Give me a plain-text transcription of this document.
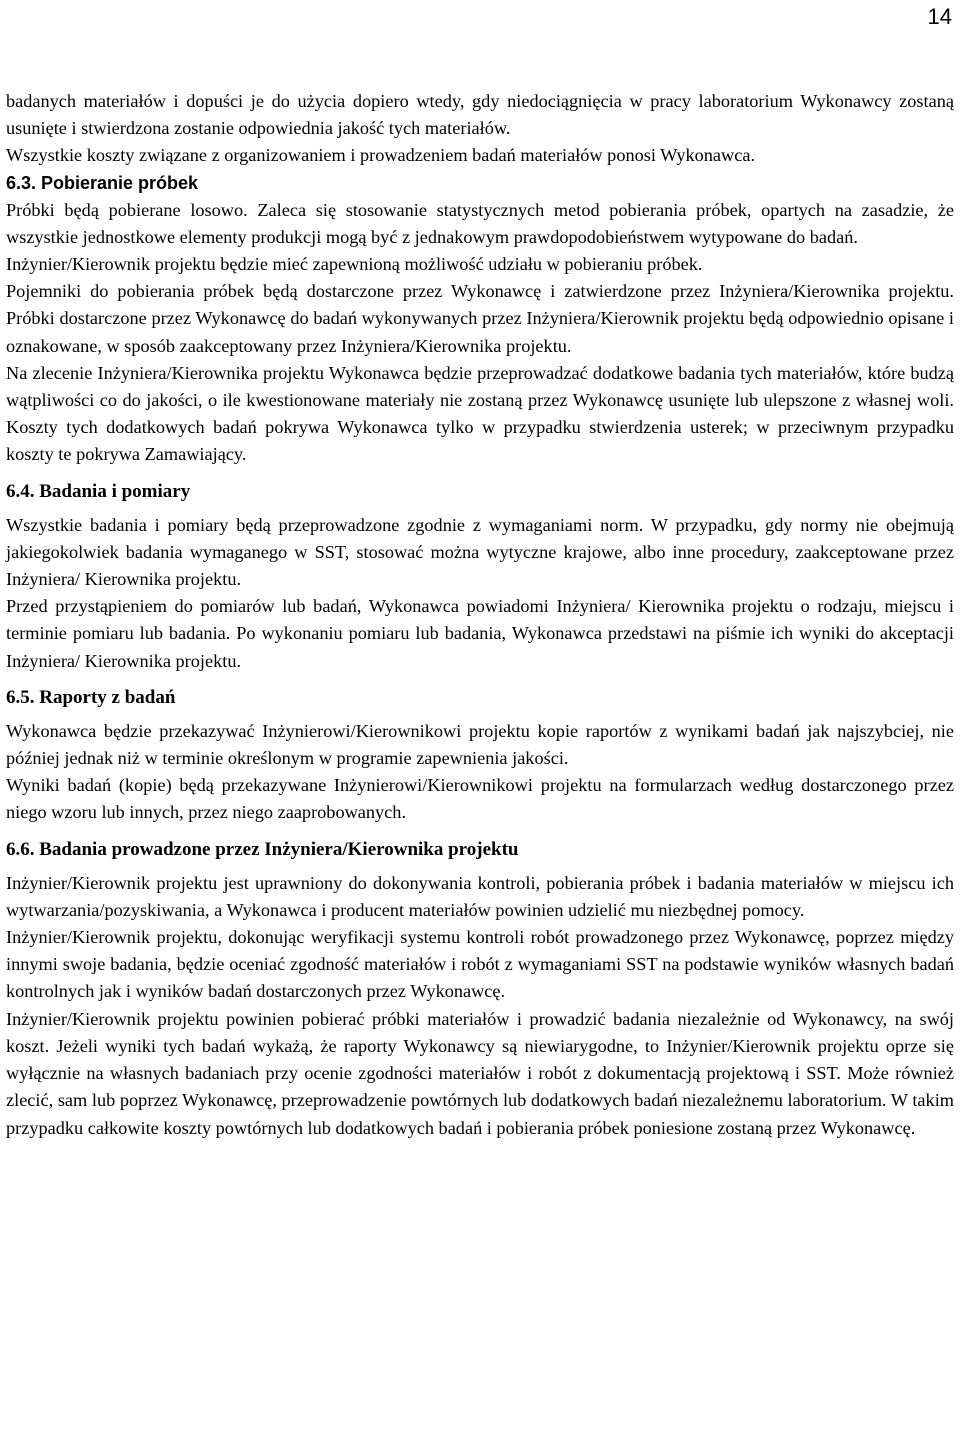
14

badanych materiałów i dopuści je do użycia dopiero wtedy, gdy niedociągnięcia w pracy laboratorium Wykonawcy zostaną usunięte i stwierdzona zostanie odpowiednia jakość tych materiałów.

Wszystkie koszty związane z organizowaniem i prowadzeniem badań materiałów ponosi Wykonawca.

6.3. Pobieranie próbek

Próbki będą pobierane losowo. Zaleca się stosowanie statystycznych metod pobierania próbek, opartych na zasadzie, że wszystkie jednostkowe elementy produkcji mogą być z jednakowym prawdopodobieństwem wytypowane do badań.

Inżynier/Kierownik projektu będzie mieć zapewnioną możliwość udziału w pobieraniu próbek.

Pojemniki do pobierania próbek będą dostarczone przez Wykonawcę i zatwierdzone przez Inżyniera/Kierownika projektu. Próbki dostarczone przez Wykonawcę do badań wykonywanych przez Inżyniera/Kierownik projektu będą odpowiednio opisane i oznakowane, w sposób zaakceptowany przez Inżyniera/Kierownika projektu.

Na zlecenie Inżyniera/Kierownika projektu Wykonawca będzie przeprowadzać dodatkowe badania tych materiałów, które budzą wątpliwości co do jakości, o ile kwestionowane materiały nie zostaną przez Wykonawcę usunięte lub ulepszone z własnej woli. Koszty tych dodatkowych badań pokrywa Wykonawca tylko w przypadku stwierdzenia usterek; w przeciwnym przypadku koszty te pokrywa Zamawiający.

6.4. Badania i pomiary

Wszystkie badania i pomiary będą przeprowadzone zgodnie z wymaganiami norm. W przypadku, gdy normy nie obejmują jakiegokolwiek badania wymaganego w SST, stosować można wytyczne krajowe, albo inne procedury, zaakceptowane przez Inżyniera/ Kierownika projektu.

Przed przystąpieniem do pomiarów lub badań, Wykonawca powiadomi Inżyniera/ Kierownika projektu o rodzaju, miejscu i terminie pomiaru lub badania. Po wykonaniu pomiaru lub badania, Wykonawca przedstawi na piśmie ich wyniki do akceptacji Inżyniera/ Kierownika projektu.

6.5. Raporty z badań

Wykonawca będzie przekazywać Inżynierowi/Kierownikowi projektu kopie raportów z wynikami badań jak najszybciej, nie później jednak niż w terminie określonym w programie zapewnienia jakości.

Wyniki badań (kopie) będą przekazywane Inżynierowi/Kierownikowi projektu na formularzach według dostarczonego przez niego wzoru lub innych, przez niego zaaprobowanych.

6.6. Badania prowadzone przez Inżyniera/Kierownika projektu

Inżynier/Kierownik projektu jest uprawniony do dokonywania kontroli, pobierania próbek i badania materiałów w miejscu ich wytwarzania/pozyskiwania, a Wykonawca i producent materiałów powinien udzielić mu niezbędnej pomocy.

Inżynier/Kierownik projektu, dokonując weryfikacji systemu kontroli robót prowadzonego przez Wykonawcę, poprzez między innymi swoje badania, będzie oceniać zgodność materiałów i robót z wymaganiami SST na podstawie wyników własnych badań kontrolnych jak i wyników badań dostarczonych przez Wykonawcę.

Inżynier/Kierownik projektu powinien pobierać próbki materiałów i prowadzić badania niezależnie od Wykonawcy, na swój koszt. Jeżeli wyniki tych badań wykażą, że raporty Wykonawcy są niewiarygodne, to Inżynier/Kierownik projektu oprze się wyłącznie na własnych badaniach przy ocenie zgodności materiałów i robót z dokumentacją projektową i SST. Może również zlecić, sam lub poprzez Wykonawcę, przeprowadzenie powtórnych lub dodatkowych badań niezależnemu laboratorium. W takim przypadku całkowite koszty powtórnych lub dodatkowych badań i pobierania próbek poniesione zostaną przez Wykonawcę.
